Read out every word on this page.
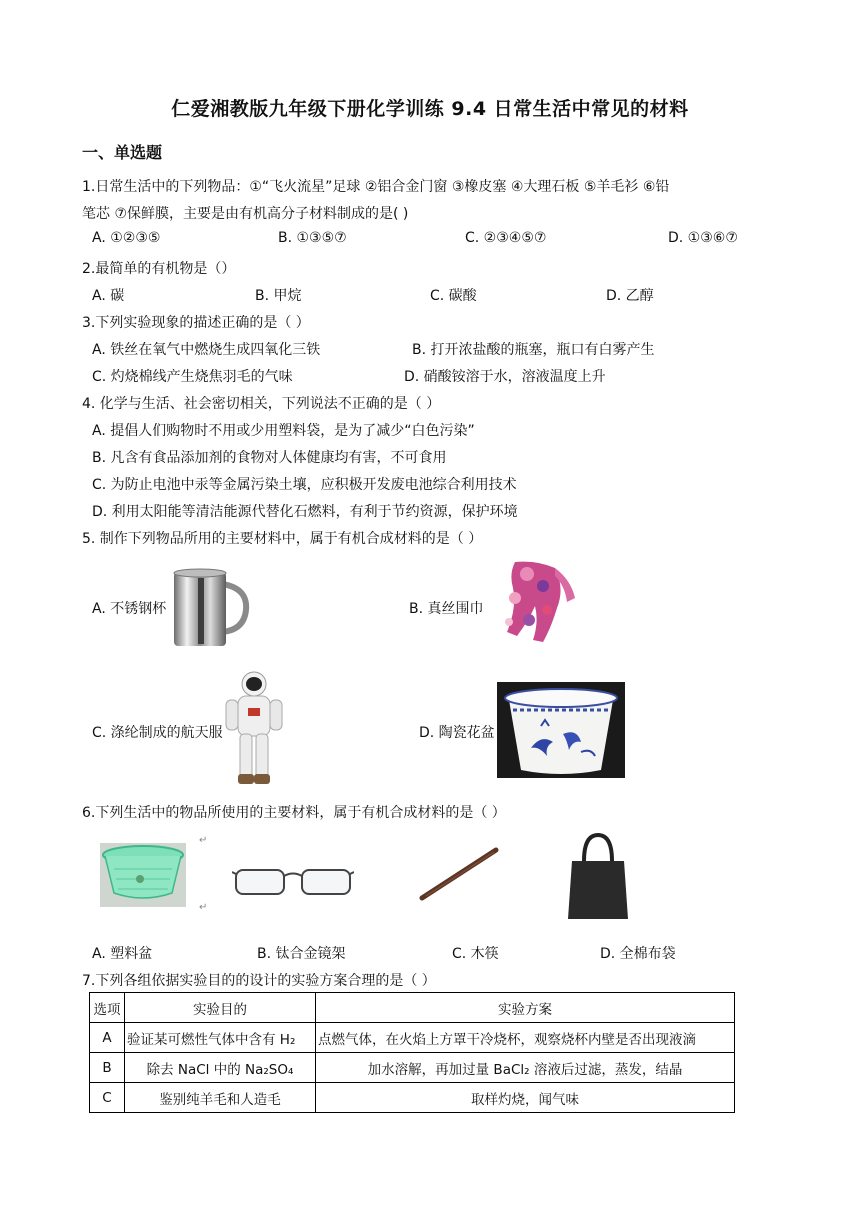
仁爱湘教版九年级下册化学训练 9.4 日常生活中常见的材料
一、单选题
1.日常生活中的下列物品：①“飞火流星”足球 ②铝合金门窗 ③橡皮塞 ④大理石板 ⑤羊毛衫 ⑥铅
笔芯 ⑦保鲜膜，主要是由有机高分子材料制成的是( )
A. ①②③⑤	B. ①③⑤⑦	C. ②③④⑤⑦	D. ①③⑥⑦
2.最简单的有机物是（）
A. 碳	B. 甲烷	C. 碳酸	D. 乙醇
3.下列实验现象的描述正确的是（ ）
A. 铁丝在氧气中燃烧生成四氧化三铁	B. 打开浓盐酸的瓶塞，瓶口有白雾产生
C. 灼烧棉线产生烧焦羽毛的气味	D. 硝酸铵溶于水，溶液温度上升
4. 化学与生活、社会密切相关，下列说法不正确的是（ ）
A. 提倡人们购物时不用或少用塑料袋，是为了减少“白色污染”
B. 凡含有食品添加剂的食物对人体健康均有害，不可食用
C. 为防止电池中汞等金属污染土壤，应积极开发废电池综合利用技术
D. 利用太阳能等清洁能源代替化石燃料，有利于节约资源，保护环境
5. 制作下列物品所用的主要材料中，属于有机合成材料的是（ ）
A. 不锈钢杯	B. 真丝围巾
C. 涤纶制成的航天服	D. 陶瓷花盆
6.下列生活中的物品所使用的主要材料，属于有机合成材料的是（ ）
↵
↵
A. 塑料盆	B. 钛合金镜架	C. 木筷	D. 全棉布袋
7.下列各组依据实验目的的设计的实验方案合理的是（ ）
选项	实验目的	实验方案
A	验证某可燃性气体中含有 H₂	点燃气体，在火焰上方罩干冷烧杯，观察烧杯内壁是否出现液滴
B	除去 NaCl 中的 Na₂SO₄	加水溶解，再加过量 BaCl₂ 溶液后过滤，蒸发，结晶
C	鉴别纯羊毛和人造毛	取样灼烧，闻气味
